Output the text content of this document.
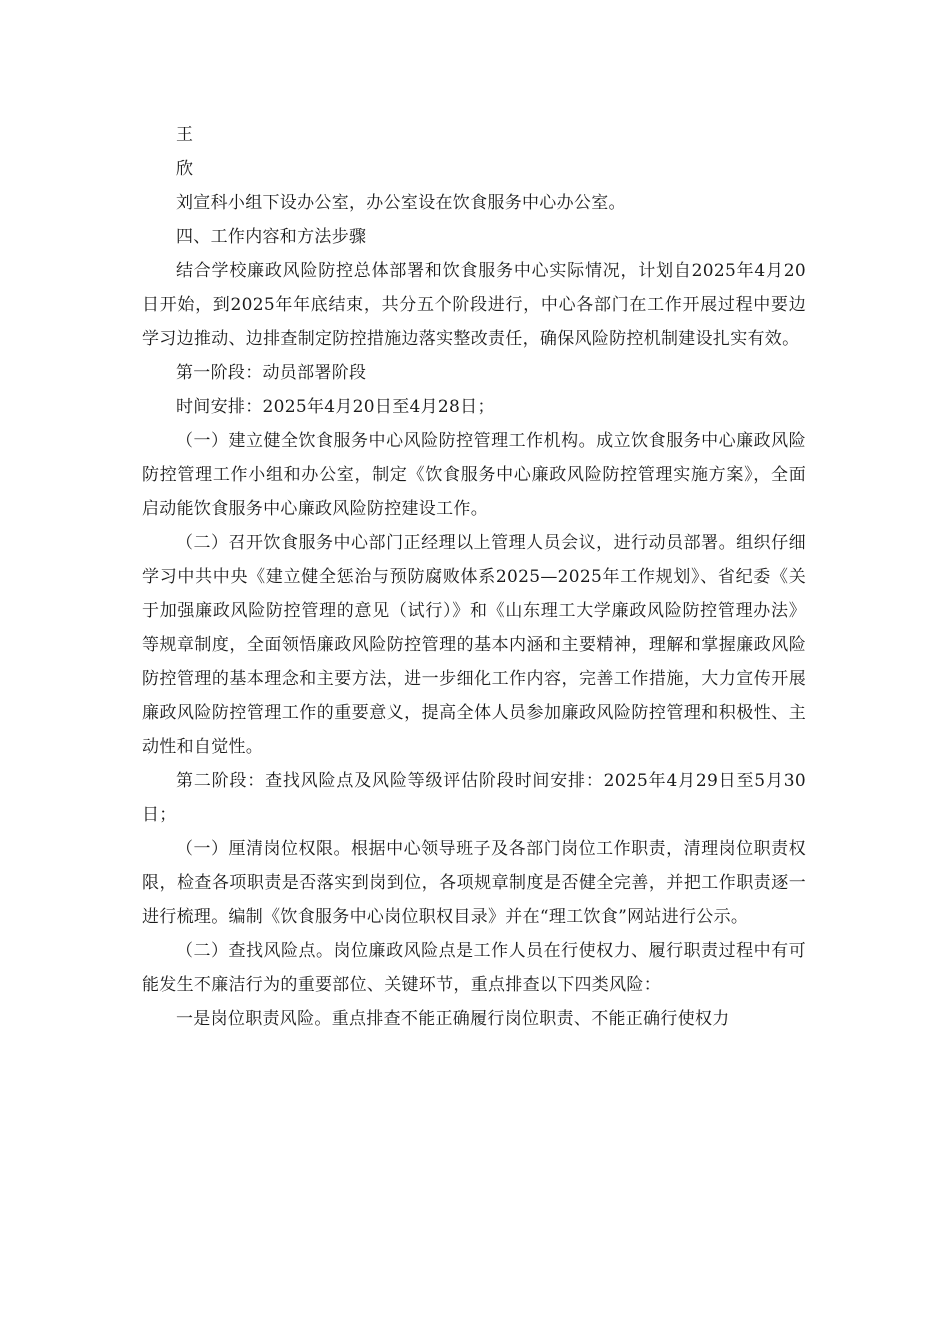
王

欣

刘宣科小组下设办公室，办公室设在饮食服务中心办公室。

四、工作内容和方法步骤

结合学校廉政风险防控总体部署和饮食服务中心实际情况，计划自2025年4月20日开始，到2025年年底结束，共分五个阶段进行，中心各部门在工作开展过程中要边学习边推动、边排查制定防控措施边落实整改责任，确保风险防控机制建设扎实有效。

第一阶段：动员部署阶段

时间安排：2025年4月20日至4月28日；

（一）建立健全饮食服务中心风险防控管理工作机构。成立饮食服务中心廉政风险防控管理工作小组和办公室，制定《饮食服务中心廉政风险防控管理实施方案》，全面启动能饮食服务中心廉政风险防控建设工作。

（二）召开饮食服务中心部门正经理以上管理人员会议，进行动员部署。组织仔细学习中共中央《建立健全惩治与预防腐败体系2025—2025年工作规划》、省纪委《关于加强廉政风险防控管理的意见（试行）》和《山东理工大学廉政风险防控管理办法》等规章制度，全面领悟廉政风险防控管理的基本内涵和主要精神，理解和掌握廉政风险防控管理的基本理念和主要方法，进一步细化工作内容，完善工作措施，大力宣传开展廉政风险防控管理工作的重要意义，提高全体人员参加廉政风险防控管理和积极性、主动性和自觉性。

第二阶段：查找风险点及风险等级评估阶段时间安排：2025年4月29日至5月30日；

（一）厘清岗位权限。根据中心领导班子及各部门岗位工作职责，清理岗位职责权限，检查各项职责是否落实到岗到位，各项规章制度是否健全完善，并把工作职责逐一进行梳理。编制《饮食服务中心岗位职权目录》并在“理工饮食”网站进行公示。

（二）查找风险点。岗位廉政风险点是工作人员在行使权力、履行职责过程中有可能发生不廉洁行为的重要部位、关键环节，重点排查以下四类风险：

一是岗位职责风险。重点排查不能正确履行岗位职责、不能正确行使权力
